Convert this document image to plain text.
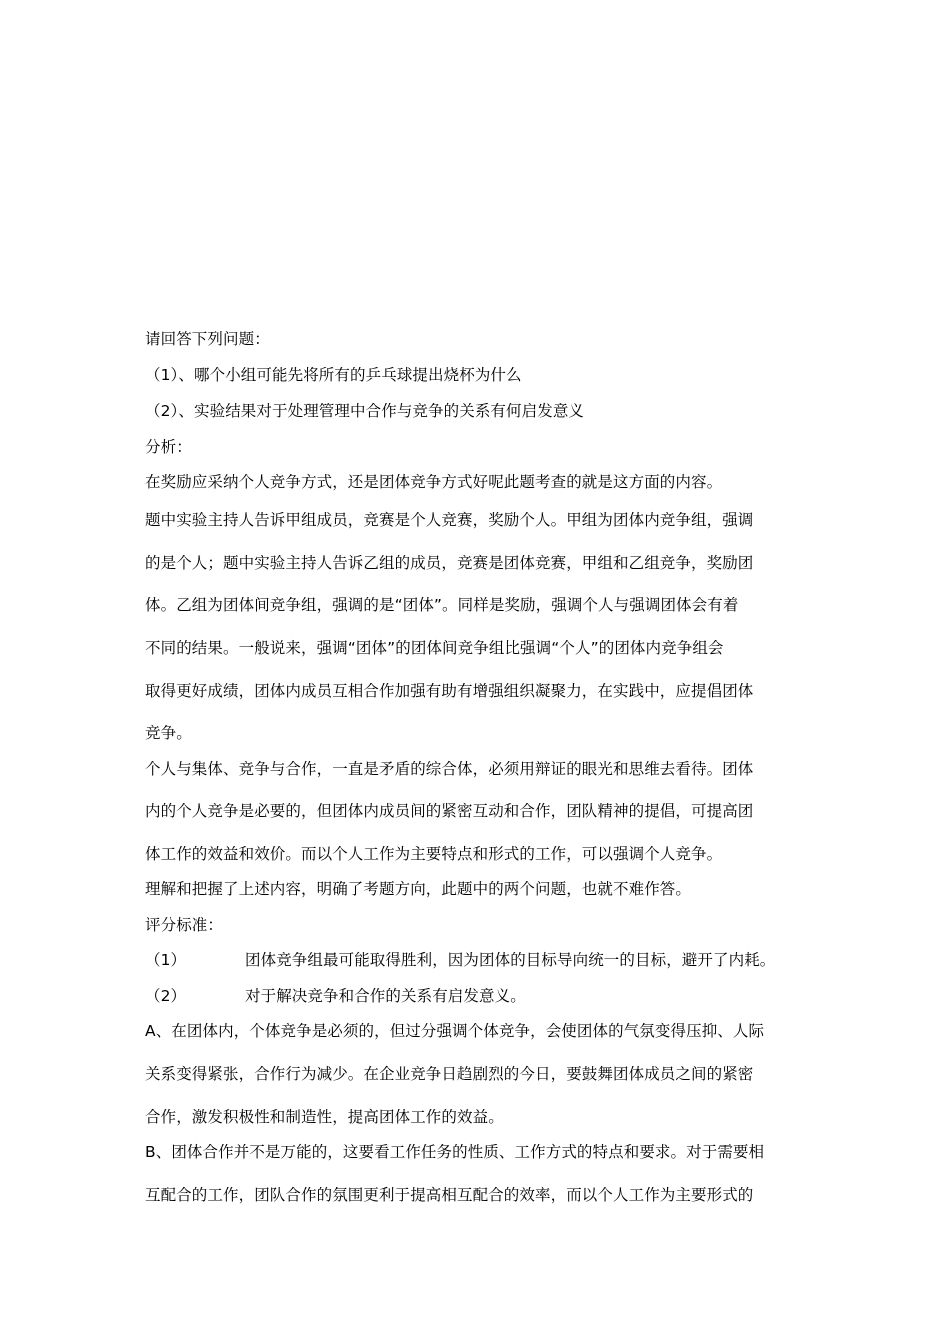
请回答下列问题：
（1）、哪个小组可能先将所有的乒乓球提出烧杯为什么
（2）、实验结果对于处理管理中合作与竞争的关系有何启发意义
分析：
在奖励应采纳个人竞争方式，还是团体竞争方式好呢此题考查的就是这方面的内容。
题中实验主持人告诉甲组成员，竞赛是个人竞赛，奖励个人。甲组为团体内竞争组，强调
的是个人；题中实验主持人告诉乙组的成员，竞赛是团体竞赛，甲组和乙组竞争，奖励团
体。乙组为团体间竞争组，强调的是“团体”。同样是奖励，强调个人与强调团体会有着
不同的结果。一般说来，强调“团体”的团体间竞争组比强调“个人”的团体内竞争组会
取得更好成绩，团体内成员互相合作加强有助有增强组织凝聚力，在实践中，应提倡团体
竞争。
个人与集体、竞争与合作，一直是矛盾的综合体，必须用辩证的眼光和思维去看待。团体
内的个人竞争是必要的，但团体内成员间的紧密互动和合作，团队精神的提倡，可提高团
体工作的效益和效价。而以个人工作为主要特点和形式的工作，可以强调个人竞争。
理解和把握了上述内容，明确了考题方向，此题中的两个问题，也就不难作答。
评分标准：
（1）	团体竞争组最可能取得胜利，因为团体的目标导向统一的目标，避开了内耗。
（2）	对于解决竞争和合作的关系有启发意义。
A、在团体内，个体竞争是必须的，但过分强调个体竞争，会使团体的气氛变得压抑、人际
关系变得紧张，合作行为减少。在企业竞争日趋剧烈的今日，要鼓舞团体成员之间的紧密
合作，激发积极性和制造性，提高团体工作的效益。
B、团体合作并不是万能的，这要看工作任务的性质、工作方式的特点和要求。对于需要相
互配合的工作，团队合作的氛围更利于提高相互配合的效率，而以个人工作为主要形式的
